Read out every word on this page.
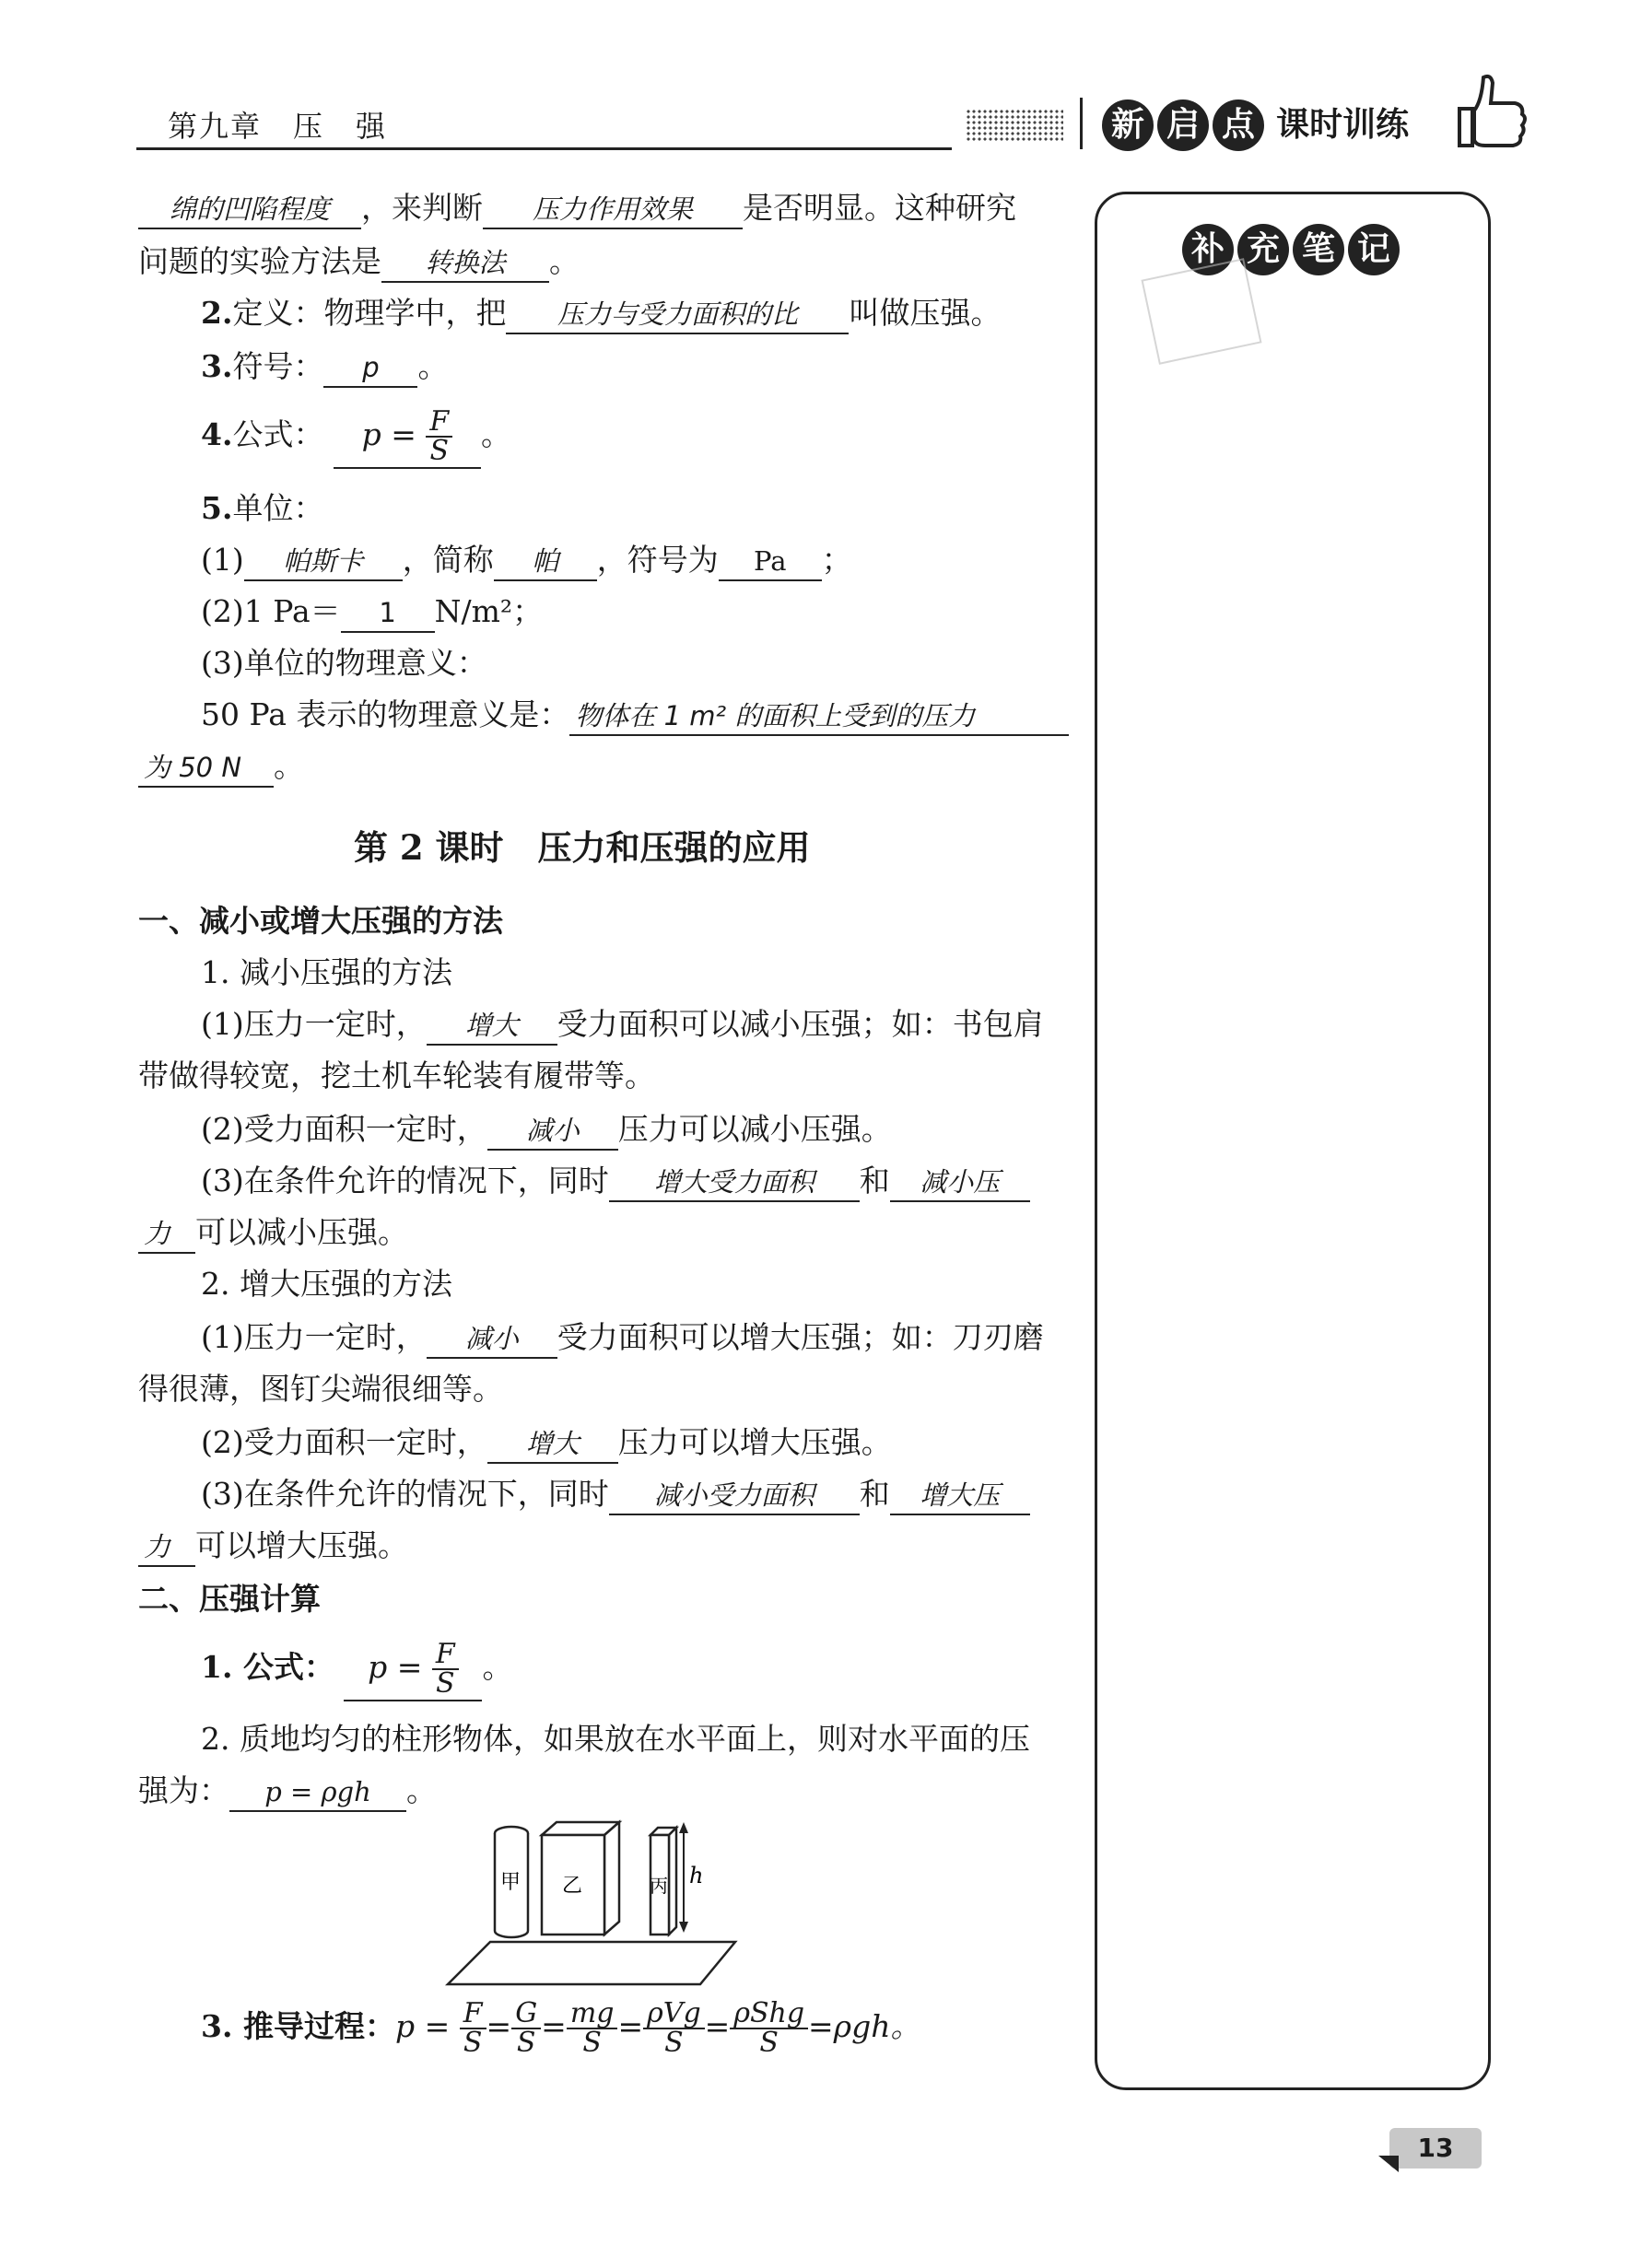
第九章　压　强	新 启 点 课时训练
补 充 笔 记
绵的凹陷程度 ，来判断 压力作用效果 是否明显。这种研究
问题的实验方法是 转换法 。
2.定义：物理学中，把 压力与受力面积的比 叫做压强。
3.符号： p 。
4.公式： $p = \frac{F}{S}$ 。
5.单位：
(1) 帕斯卡 ，简称 帕 ，符号为 Pa ；
(2)1 Pa＝ 1 N/m²；
(3)单位的物理意义：
50 Pa 表示的物理意义是： 物体在 1 m² 的面积上受到的压力
为 50 N 。
第 2 课时　压力和压强的应用
一、减小或增大压强的方法
1. 减小压强的方法
(1)压力一定时， 增大 受力面积可以减小压强；如：书包肩
带做得较宽，挖土机车轮装有履带等。
(2)受力面积一定时， 减小 压力可以减小压强。
(3)在条件允许的情况下，同时 增大受力面积 和 减小压
力 可以减小压强。
2. 增大压强的方法
(1)压力一定时， 减小 受力面积可以增大压强；如：刀刃磨
得很薄，图钉尖端很细等。
(2)受力面积一定时， 增大 压力可以增大压强。
(3)在条件允许的情况下，同时 减小受力面积 和 增大压
力 可以增大压强。
二、压强计算
1. 公式： $p = \frac{F}{S}$ 。
2. 质地均匀的柱形物体，如果放在水平面上，则对水平面的压
强为： p = ρgh 。
甲 乙	丙 h
3. 推导过程：$p = \frac{F}{S} = \frac{G}{S} = \frac{mg}{S} = \frac{\text{ρVg}}{S} = \frac{\text{ρShg}}{S} =\rho gh$。
13
